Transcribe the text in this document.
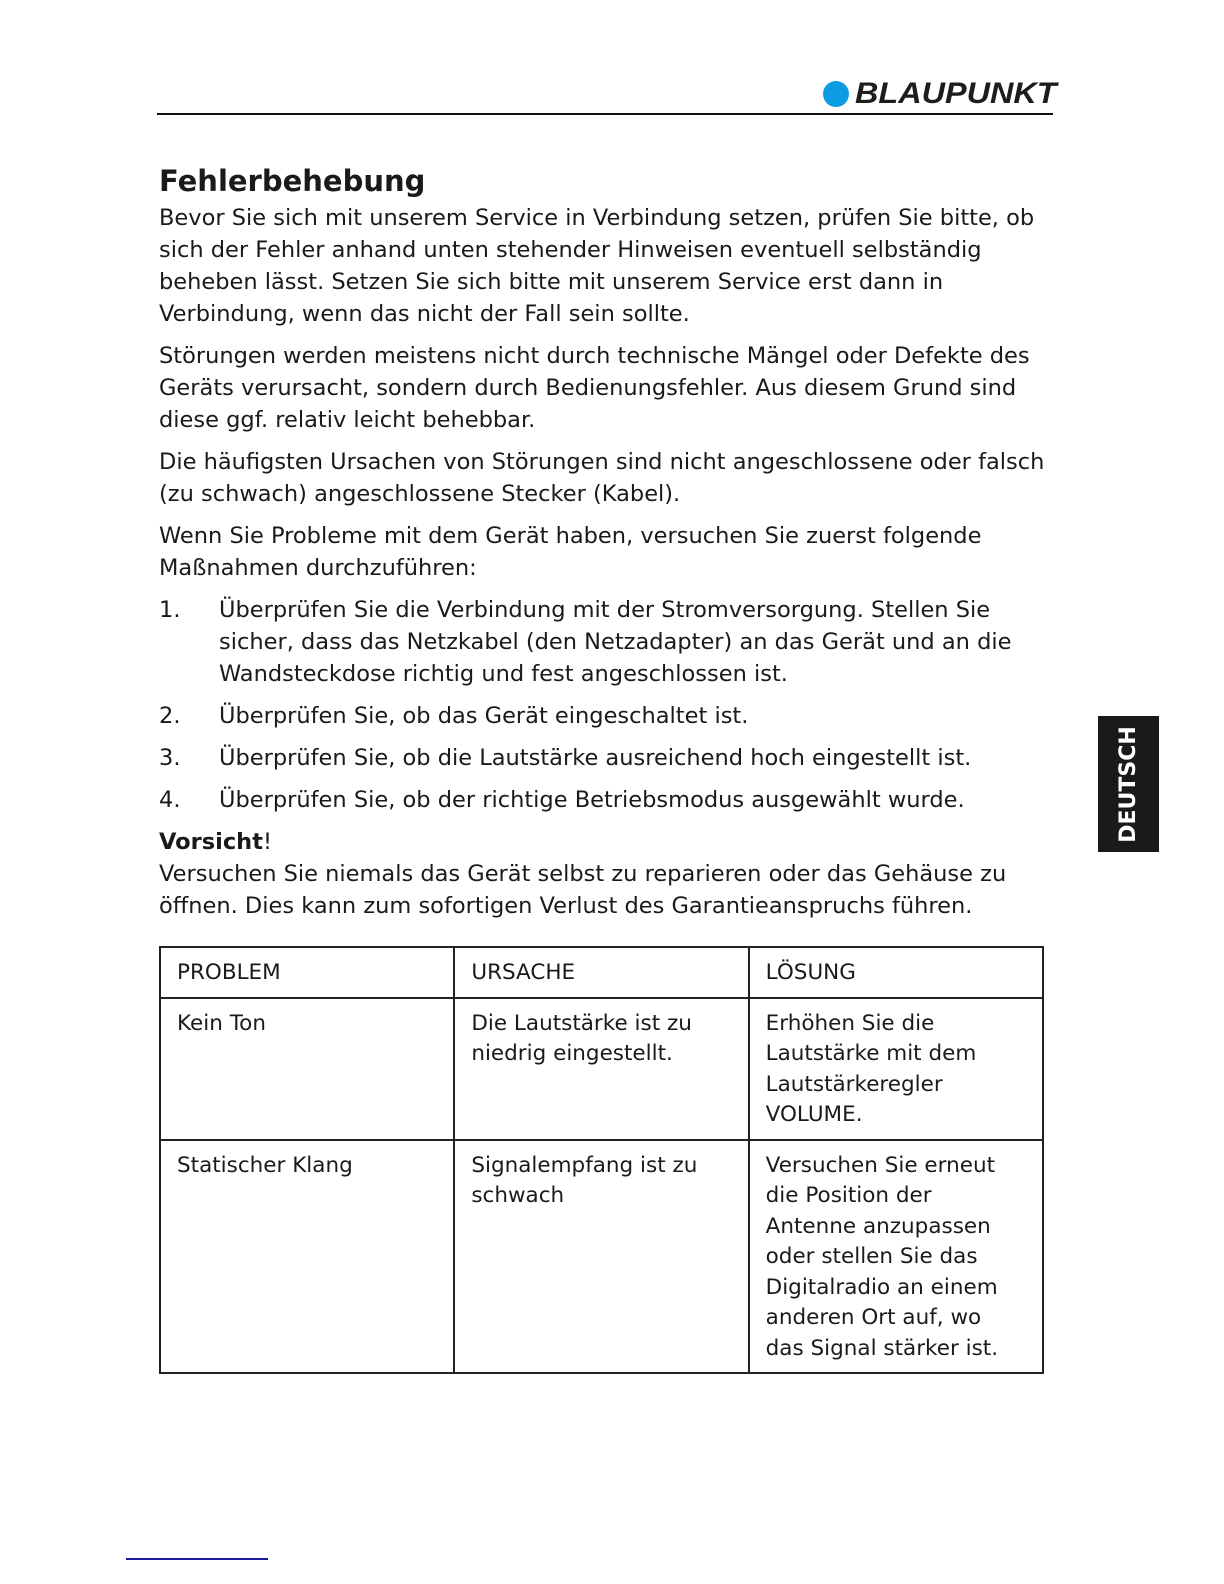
BLAUPUNKT
DEUTSCH
Fehlerbehebung

Bevor Sie sich mit unserem Service in Verbindung setzen, prüfen Sie bitte, ob sich der Fehler anhand unten stehender Hinweisen eventuell selbständig beheben lässt. Setzen Sie sich bitte mit unserem Service erst dann in Verbindung, wenn das nicht der Fall sein sollte.

Störungen werden meistens nicht durch technische Mängel oder Defekte des Geräts verursacht, sondern durch Bedienungsfehler. Aus diesem Grund sind diese ggf. relativ leicht behebbar.

Die häufigsten Ursachen von Störungen sind nicht angeschlossene oder falsch (zu schwach) angeschlossene Stecker (Kabel).

Wenn Sie Probleme mit dem Gerät haben, versuchen Sie zuerst folgende Maßnahmen durchzuführen:

1.	Überprüfen Sie die Verbindung mit der Stromversorgung. Stellen Sie sicher, dass das Netzkabel (den Netzadapter) an das Gerät und an die Wandsteckdose richtig und fest angeschlossen ist.
2.	Überprüfen Sie, ob das Gerät eingeschaltet ist.
3.	Überprüfen Sie, ob die Lautstärke ausreichend hoch eingestellt ist.
4.	Überprüfen Sie, ob der richtige Betriebsmodus ausgewählt wurde.
Vorsicht!

Versuchen Sie niemals das Gerät selbst zu reparieren oder das Gehäuse zu öffnen. Dies kann zum sofortigen Verlust des Garantieanspruchs führen.

PROBLEM	URSACHE	LÖSUNG
Kein Ton	Die Lautstärke ist zu niedrig eingestellt.	Erhöhen Sie die Lautstärke mit dem Lautstärkeregler VOLUME.
Statischer Klang	Signalempfang ist zu schwach	Versuchen Sie erneut die Position der Antenne anzupassen oder stellen Sie das Digitalradio an einem anderen Ort auf, wo das Signal stärker ist.
